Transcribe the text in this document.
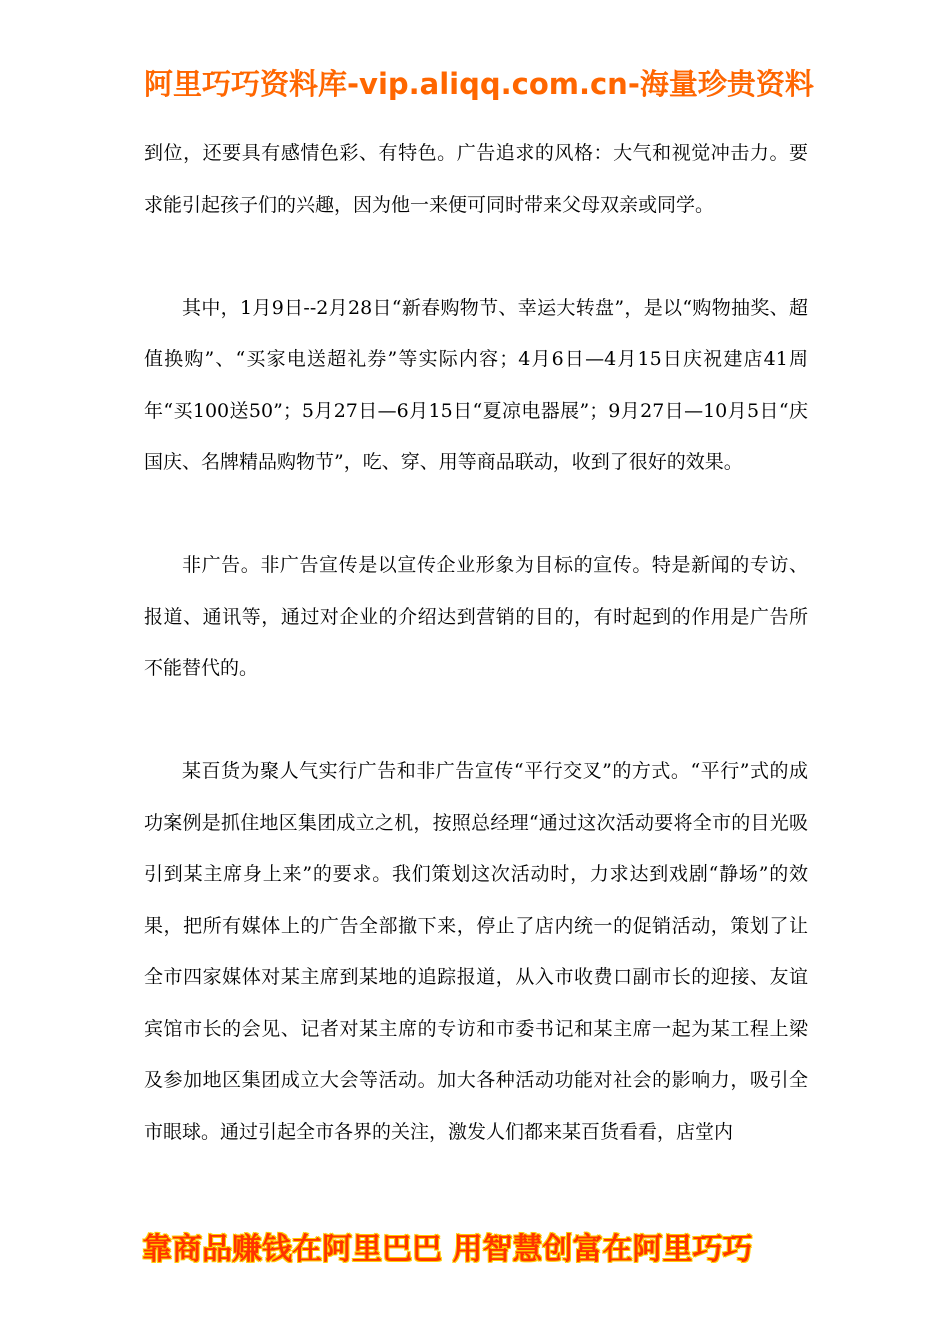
阿里巧巧资料库-vip.aliqq.com.cn-海量珍贵资料

到位，还要具有感情色彩、有特色。广告追求的风格：大气和视觉冲击力。要求能引起孩子们的兴趣，因为他一来便可同时带来父母双亲或同学。

其中，1月9日--2月28日“新春购物节、幸运大转盘”，是以“购物抽奖、超值换购”、“买家电送超礼券”等实际内容；4月6日—4月15日庆祝建店41周年“买100送50”；5月27日—6月15日“夏凉电器展”；9月27日—10月5日“庆国庆、名牌精品购物节”，吃、穿、用等商品联动，收到了很好的效果。

非广告。非广告宣传是以宣传企业形象为目标的宣传。特是新闻的专访、报道、通讯等，通过对企业的介绍达到营销的目的，有时起到的作用是广告所不能替代的。

某百货为聚人气实行广告和非广告宣传“平行交叉”的方式。“平行”式的成功案例是抓住地区集团成立之机，按照总经理“通过这次活动要将全市的目光吸引到某主席身上来”的要求。我们策划这次活动时，力求达到戏剧“静场”的效果，把所有媒体上的广告全部撤下来，停止了店内统一的促销活动，策划了让全市四家媒体对某主席到某地的追踪报道，从入市收费口副市长的迎接、友谊宾馆市长的会见、记者对某主席的专访和市委书记和某主席一起为某工程上梁及参加地区集团成立大会等活动。加大各种活动功能对社会的影响力，吸引全市眼球。通过引起全市各界的关注，激发人们都来某百货看看，店堂内

靠商品赚钱在阿里巴巴 用智慧创富在阿里巧巧
